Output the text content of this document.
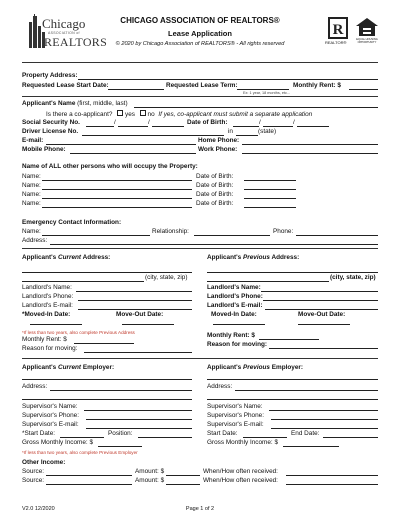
Chicago
ASSOCIATION of
REALTORS
CHICAGO ASSOCIATION OF REALTORS®
Lease Application
© 2020 by Chicago Association of REALTORS® - All rights reserved
R
REALTOR®
EQUAL HOUSING OPPORTUNITY
Property Address:
Requested Lease Start Date:	Requested Lease Term:
Ex: 1 year, 18 months, etc...
Monthly Rent: $
Applicant's Name (first, middle, last)
Is there a co-applicant? yes no If yes, co-applicant must submit a separate application
Social Security No.	/	/	Date of Birth:	/	/
Driver License No.	in	(state)
E-mail:	Home Phone:
Mobile Phone:	Work Phone:
Name of ALL other persons who will occupy the Property:
Name:	Date of Birth:
Name:	Date of Birth:
Name:	Date of Birth:
Name:	Date of Birth:
Emergency Contact Information:
Name:	Relationship:	Phone:
Address:
Applicant's Current Address:	Applicant's Previous Address:
(city, state, zip)
Landlord's Name:
Landlord's Phone:
Landlord's E-mail:
*Moved-In Date:	Move-Out Date:
*If less than two years, also complete Previous Address
Monthly Rent: $
Reason for moving:
(city, state, zip)
Landlord's Name:
Landlord's Phone:
Landlord's E-mail:
Moved-In Date:	Move-Out Date:
Monthly Rent: $
Reason for moving:
Applicant's Current Employer:	Applicant's Previous Employer:
Address:
Supervisor's Name:
Supervisor's Phone:
Supervisor's E-mail:
*Start Date:	Position:
Gross Monthly Income: $
*If less than two years, also complete Previous Employer
Address:
Supervisor's Name:
Supervisor's Phone:
Supervisor's E-mail:
Start Date:	End Date:
Gross Monthly Income: $
Other Income:
Source:	Amount: $	When/How often received:
Source:	Amount: $	When/How often received:
V2.0 12/2020	Page 1 of 2
